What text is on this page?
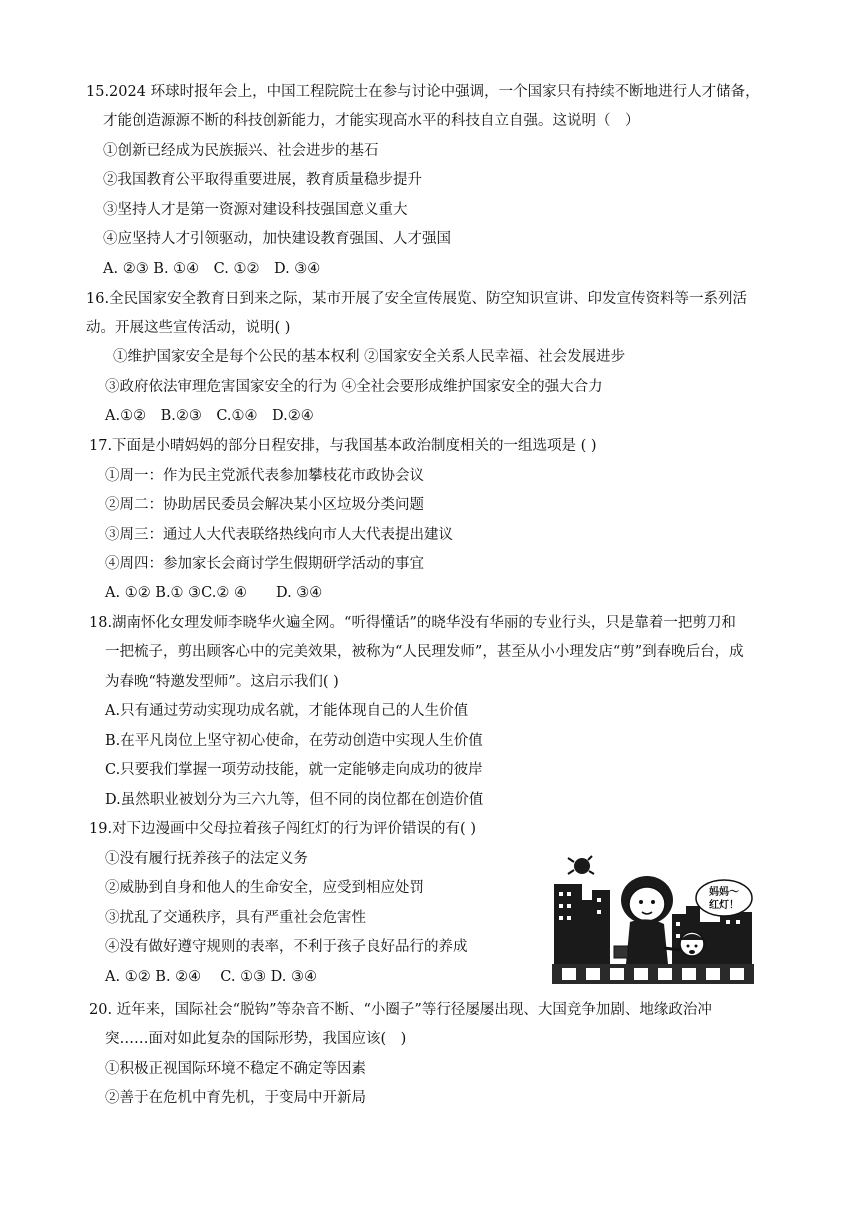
15.2024 环球时报年会上，中国工程院院士在参与讨论中强调，一个国家只有持续不断地进行人才储备，
才能创造源源不断的科技创新能力，才能实现高水平的科技自立自强。这说明（　）
①创新已经成为民族振兴、社会进步的基石
②我国教育公平取得重要进展，教育质量稳步提升
③坚持人才是第一资源对建设科技强国意义重大
④应坚持人才引领驱动，加快建设教育强国、人才强国
A. ②③ B. ①④　C. ①②　D. ③④
16.全民国家安全教育日到来之际，某市开展了安全宣传展览、防空知识宣讲、印发宣传资料等一系列活
动。开展这些宣传活动，说明( )
①维护国家安全是每个公民的基本权利 ②国家安全关系人民幸福、社会发展进步
③政府依法审理危害国家安全的行为 ④全社会要形成维护国家安全的强大合力
A.①②　B.②③　C.①④　D.②④
17.下面是小晴妈妈的部分日程安排，与我国基本政治制度相关的一组选项是 ( )
①周一：作为民主党派代表参加攀枝花市政协会议
②周二：协助居民委员会解决某小区垃圾分类问题
③周三：通过人大代表联络热线向市人大代表提出建议
④周四：参加家长会商讨学生假期研学活动的事宜
A. ①② B.① ③C.② ④　　D. ③④
18.湖南怀化女理发师李晓华火遍全网。“听得懂话”的晓华没有华丽的专业行头，只是靠着一把剪刀和
一把梳子，剪出顾客心中的完美效果，被称为“人民理发师”，甚至从小小理发店“剪”到春晚后台，成
为春晚“特邀发型师”。这启示我们( )
A.只有通过劳动实现功成名就，才能体现自己的人生价值
B.在平凡岗位上坚守初心使命，在劳动创造中实现人生价值
C.只要我们掌握一项劳动技能，就一定能够走向成功的彼岸
D.虽然职业被划分为三六九等，但不同的岗位都在创造价值
19.对下边漫画中父母拉着孩子闯红灯的行为评价错误的有( )
①没有履行抚养孩子的法定义务
②威胁到自身和他人的生命安全，应受到相应处罚
③扰乱了交通秩序，具有严重社会危害性
④没有做好遵守规则的表率，不利于孩子良好品行的养成
A. ①② B. ②④　 C. ①③ D. ③④
妈妈～
红灯！
20. 近年来，国际社会“脱钩”等杂音不断、“小圈子”等行径屡屡出现、大国竞争加剧、地缘政治冲
突……面对如此复杂的国际形势，我国应该(　)
①积极正视国际环境不稳定不确定等因素
②善于在危机中育先机，于变局中开新局
